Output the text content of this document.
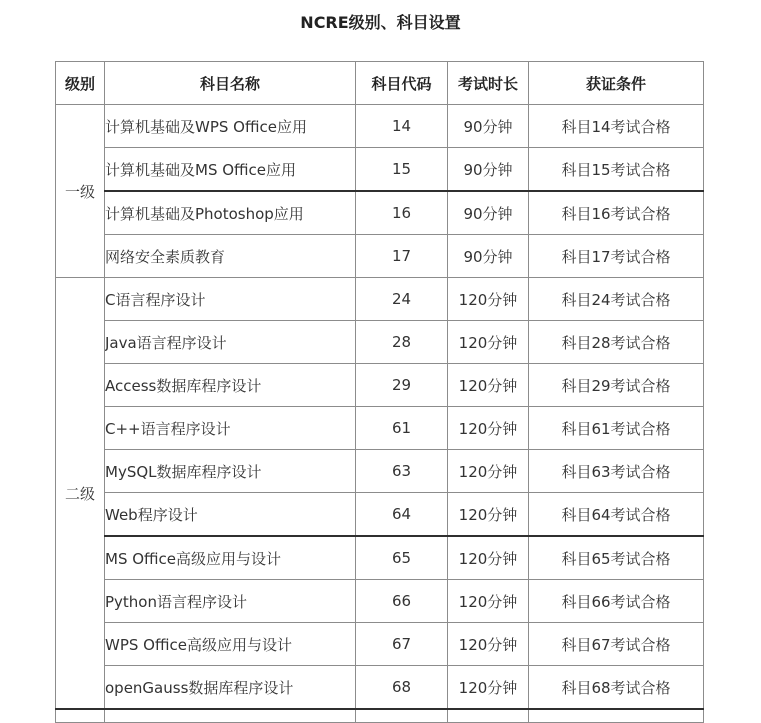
NCRE级别、科目设置
级别	科目名称	科目代码	考试时长	获证条件
一级	计算机基础及WPS Office应用	14	90分钟	科目14考试合格
	计算机基础及MS Office应用	15	90分钟	科目15考试合格
	计算机基础及Photoshop应用	16	90分钟	科目16考试合格
	网络安全素质教育	17	90分钟	科目17考试合格
二级	C语言程序设计	24	120分钟	科目24考试合格
	Java语言程序设计	28	120分钟	科目28考试合格
	Access数据库程序设计	29	120分钟	科目29考试合格
	C++语言程序设计	61	120分钟	科目61考试合格
	MySQL数据库程序设计	63	120分钟	科目63考试合格
	Web程序设计	64	120分钟	科目64考试合格
	MS Office高级应用与设计	65	120分钟	科目65考试合格
	Python语言程序设计	66	120分钟	科目66考试合格
	WPS Office高级应用与设计	67	120分钟	科目67考试合格
	openGauss数据库程序设计	68	120分钟	科目68考试合格
